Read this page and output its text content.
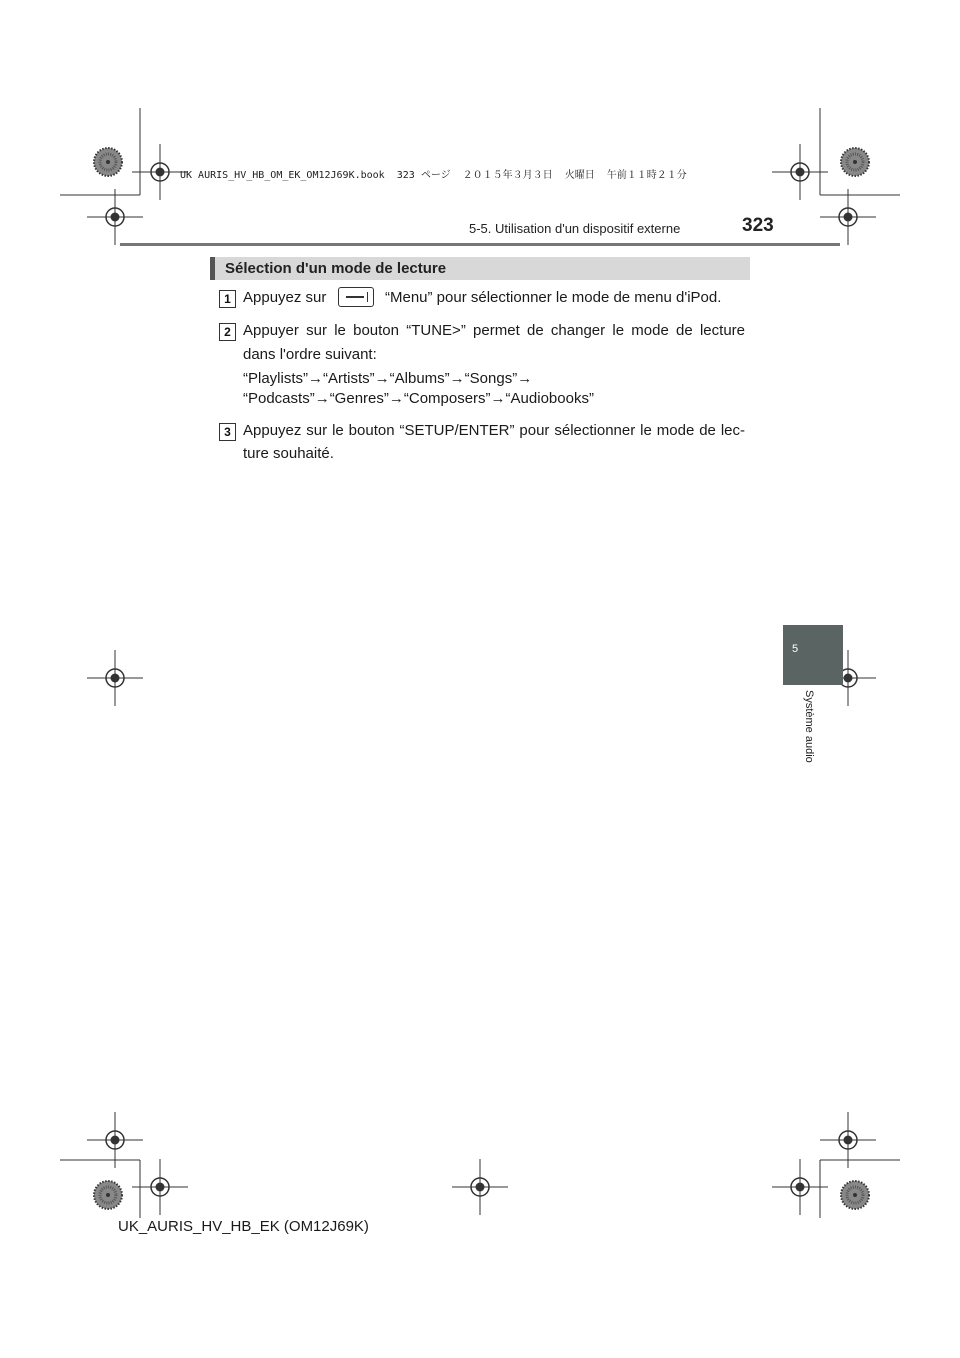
UK AURIS_HV_HB_OM_EK_OM12J69K.book  323 ページ  ２０１５年３月３日  火曜日  午前１１時２１分
5-5. Utilisation d'un dispositif externe	323
Sélection d'un mode de lecture
1 Appuyez sur	“Menu” pour sélectionner le mode de menu d'iPod.
2 Appuyer sur le bouton “TUNE>” permet de changer le mode de lecture
dans l'ordre suivant:
“Playlists”→“Artists”→“Albums”→“Songs”→
“Podcasts”→“Genres”→“Composers”→“Audiobooks”
3 Appuyez sur le bouton “SETUP/ENTER” pour sélectionner le mode de lec-
ture souhaité.
5
Système audio
UK_AURIS_HV_HB_EK (OM12J69K)
